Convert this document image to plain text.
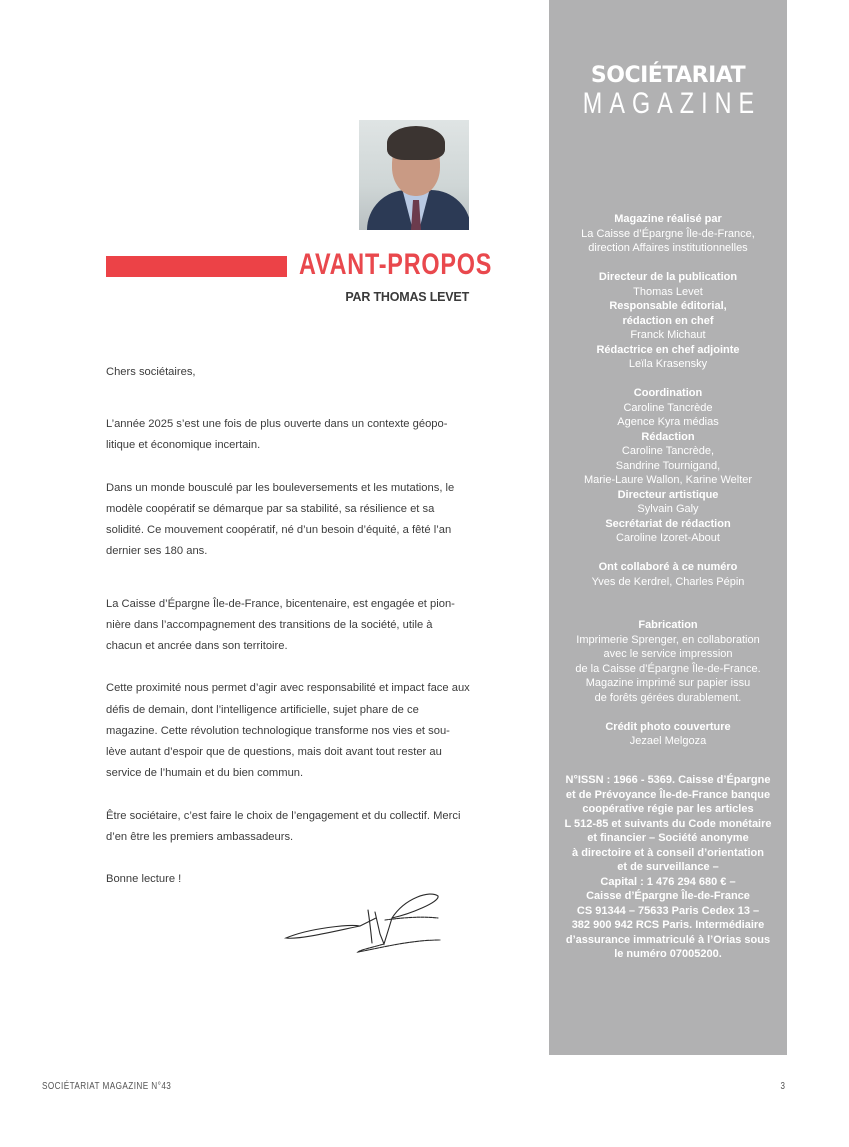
SOCIÉTARIAT
MAGAZINE
Magazine réalisé par
La Caisse d’Épargne Île-de-France,
direction Affaires institutionnelles
Directeur de la publication
Thomas Levet
Responsable éditorial,
rédaction en chef
Franck Michaut
Rédactrice en chef adjointe
Leïla Krasensky
Coordination
Caroline Tancrède
Agence Kyra médias
Rédaction
Caroline Tancrède,
Sandrine Tournigand,
Marie-Laure Wallon, Karine Welter
Directeur artistique
Sylvain Galy
Secrétariat de rédaction
Caroline Izoret-About
Ont collaboré à ce numéro
Yves de Kerdrel, Charles Pépin
Fabrication
Imprimerie Sprenger, en collaboration
avec le service impression
de la Caisse d’Épargne Île-de-France.
Magazine imprimé sur papier issu
de forêts gérées durablement.
Crédit photo couverture
Jezael Melgoza
N°ISSN : 1966 - 5369. Caisse d’Épargne
et de Prévoyance Île-de-France banque
coopérative régie par les articles
L 512-85 et suivants du Code monétaire
et financier – Société anonyme
à directoire et à conseil d’orientation
et de surveillance –
Capital : 1 476 294 680 € –
Caisse d’Épargne Île-de-France
CS 91344 – 75633 Paris Cedex 13 –
382 900 942 RCS Paris. Intermédiaire
d’assurance immatriculé à l’Orias sous
le numéro 07005200.
AVANT-PROPOS
PAR THOMAS LEVET

Chers sociétaires,

L’année 2025 s’est une fois de plus ouverte dans un contexte géopo-litique et économique incertain.

Dans un monde bousculé par les bouleversements et les mutations, le modèle coopératif se démarque par sa stabilité, sa résilience et sa solidité. Ce mouvement coopératif, né d’un besoin d’équité, a fêté l’an dernier ses 180 ans.

La Caisse d’Épargne Île-de-France, bicentenaire, est engagée et pion-nière dans l’accompagnement des transitions de la société, utile à chacun et ancrée dans son territoire.

Cette proximité nous permet d’agir avec responsabilité et impact face aux défis de demain, dont l’intelligence artificielle, sujet phare de ce magazine. Cette révolution technologique transforme nos vies et sou-lève autant d’espoir que de questions, mais doit avant tout rester au service de l’humain et du bien commun.

Être sociétaire, c’est faire le choix de l’engagement et du collectif. Merci d’en être les premiers ambassadeurs.

Bonne lecture !

SOCIÉTARIAT MAGAZINE N°43	3
